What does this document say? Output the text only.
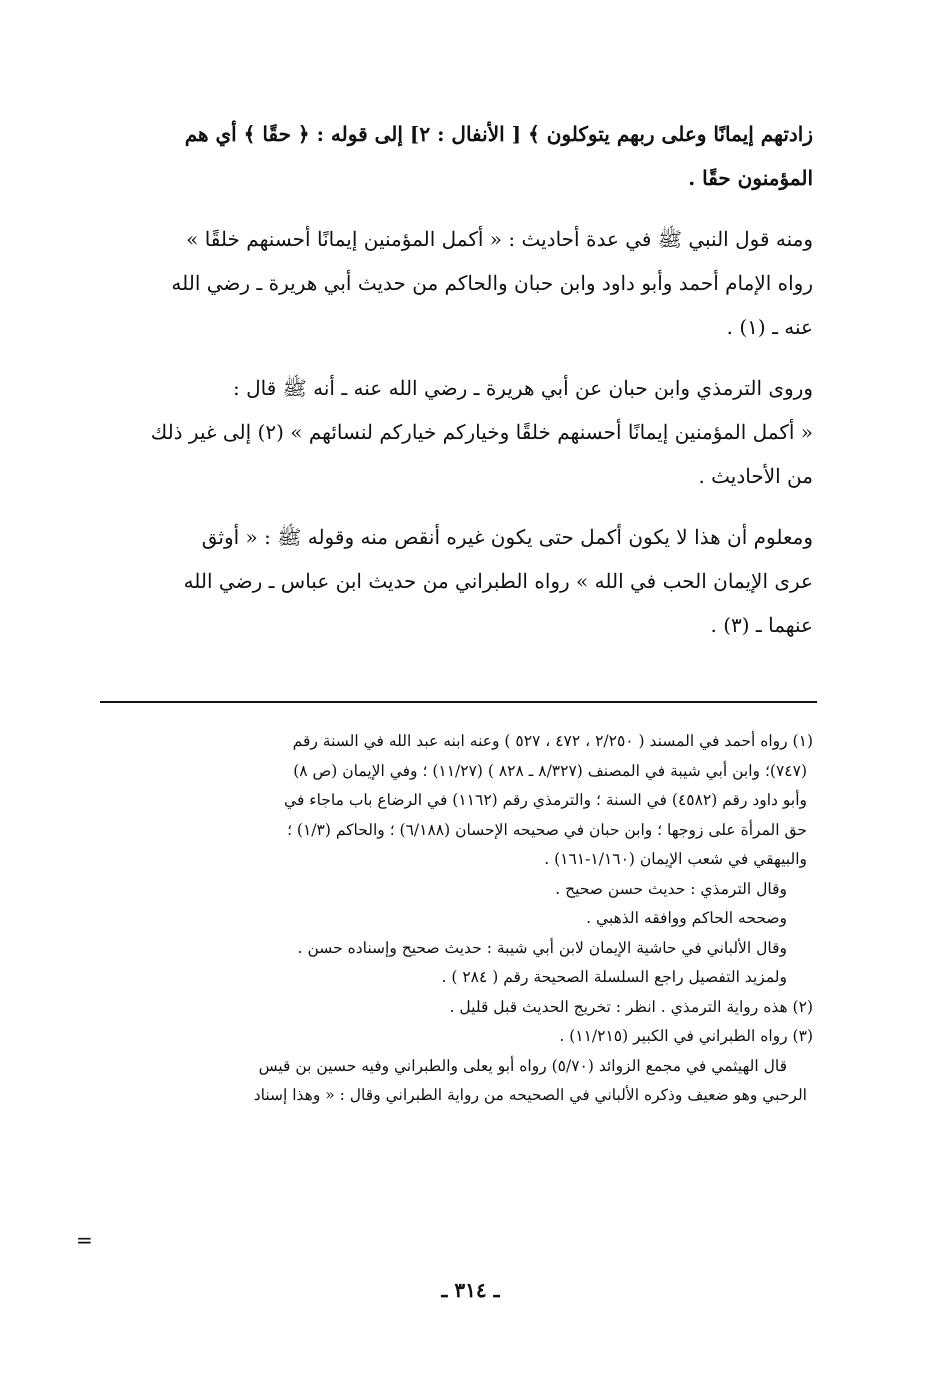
زادتهم إيمانًا وعلى ربهم يتوكلون ﴾ [ الأنفال : ٢] إلى قوله : ﴿ حقًا ﴾ أي هم
المؤمنون حقًا .

ومنه قول النبي ﷺ في عدة أحاديث : « أكمل المؤمنين إيمانًا أحسنهم خلقًا »
رواه الإمام أحمد وأبو داود وابن حبان والحاكم من حديث أبي هريرة ـ رضي الله
عنه ـ (١) .

وروى الترمذي وابن حبان عن أبي هريرة ـ رضي الله عنه ـ أنه ﷺ قال :
« أكمل المؤمنين إيمانًا أحسنهم خلقًا وخياركم خياركم لنسائهم » (٢) إلى غير ذلك
من الأحاديث .

ومعلوم أن هذا لا يكون أكمل حتى يكون غيره أنقص منه وقوله ﷺ : « أوثق
عرى الإيمان الحب في الله » رواه الطبراني من حديث ابن عباس ـ رضي الله
عنهما ـ (٣) .

(١) رواه أحمد في المسند ( ٢/٢٥٠ ، ٤٧٢ ، ٥٢٧ ) وعنه ابنه عبد الله في السنة رقم
(٧٤٧)؛ وابن أبي شيبة في المصنف (٨/٣٢٧ ـ ٨٢٨ ) (١١/٢٧) ؛ وفي الإيمان (ص ٨)
وأبو داود رقم (٤٥٨٢) في السنة ؛ والترمذي رقم (١١٦٢) في الرضاع باب ماجاء في
حق المرأة على زوجها ؛ وابن حبان في صحيحه الإحسان (٦/١٨٨) ؛ والحاكم (١/٣) ؛
والبيهقي في شعب الإيمان (١/١٦٠-١٦١) .
وقال الترمذي : حديث حسن صحيح .
وصححه الحاكم ووافقه الذهبي .
وقال الألباني في حاشية الإيمان لابن أبي شيبة : حديث صحيح وإسناده حسن .
ولمزيد التفصيل راجع السلسلة الصحيحة رقم ( ٢٨٤ ) .
(٢) هذه رواية الترمذي . انظر : تخريج الحديث قبل قليل .
(٣) رواه الطبراني في الكبير (١١/٢١٥) .
قال الهيثمي في مجمع الزوائد (٥/٧٠) رواه أبو يعلى والطبراني وفيه حسين بن قيس
الرحبي وهو ضعيف وذكره الألباني في الصحيحه من رواية الطبراني وقال : « وهذا إسناد
=
ـ ٣١٤ ـ
